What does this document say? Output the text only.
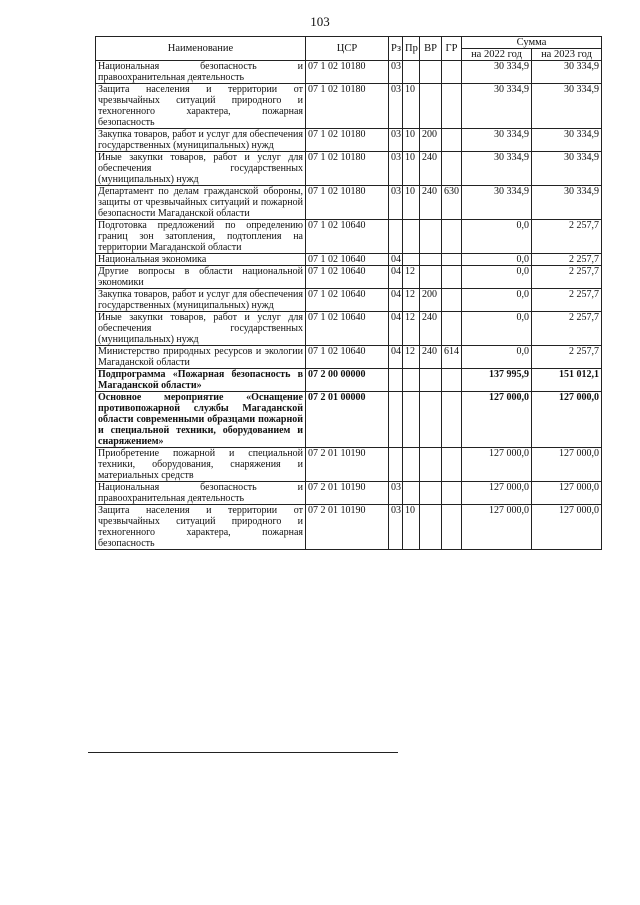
103
Наименование	ЦСР	Рз	Пр	ВР	ГР	Сумма	
						на 2022 год	на 2023 год
Национальная безопасность и правоохранительная деятельность	07 1 02 10180	03				30 334,9	30 334,9
Защита населения и территории от чрезвычайных ситуаций природного и техногенного характера, пожарная безопасность	07 1 02 10180	03	10			30 334,9	30 334,9
Закупка товаров, работ и услуг для обеспечения государственных (муниципальных) нужд	07 1 02 10180	03	10	200		30 334,9	30 334,9
Иные закупки товаров, работ и услуг для обеспечения государственных (муниципальных) нужд	07 1 02 10180	03	10	240		30 334,9	30 334,9
Департамент по делам гражданской обороны, защиты от чрезвычайных ситуаций и пожарной безопасности Магаданской области	07 1 02 10180	03	10	240	630	30 334,9	30 334,9
Подготовка предложений по определению границ зон затопления, подтопления на территории Магаданской области	07 1 02 10640					0,0	2 257,7
Национальная экономика	07 1 02 10640	04				0,0	2 257,7
Другие вопросы в области национальной экономики	07 1 02 10640	04	12			0,0	2 257,7
Закупка товаров, работ и услуг для обеспечения государственных (муниципальных) нужд	07 1 02 10640	04	12	200		0,0	2 257,7
Иные закупки товаров, работ и услуг для обеспечения государственных (муниципальных) нужд	07 1 02 10640	04	12	240		0,0	2 257,7
Министерство природных ресурсов и экологии Магаданской области	07 1 02 10640	04	12	240	614	0,0	2 257,7
Подпрограмма «Пожарная безопасность в Магаданской области»	07 2 00 00000					137 995,9	151 012,1
Основное мероприятие «Оснащение противопожарной службы Магаданской области современными образцами пожарной и специальной техники, оборудованием и снаряжением»	07 2 01 00000					127 000,0	127 000,0
Приобретение пожарной и специальной техники, оборудования, снаряжения и материальных средств	07 2 01 10190					127 000,0	127 000,0
Национальная безопасность и правоохранительная деятельность	07 2 01 10190	03				127 000,0	127 000,0
Защита населения и территории от чрезвычайных ситуаций природного и техногенного характера, пожарная безопасность	07 2 01 10190	03	10			127 000,0	127 000,0
